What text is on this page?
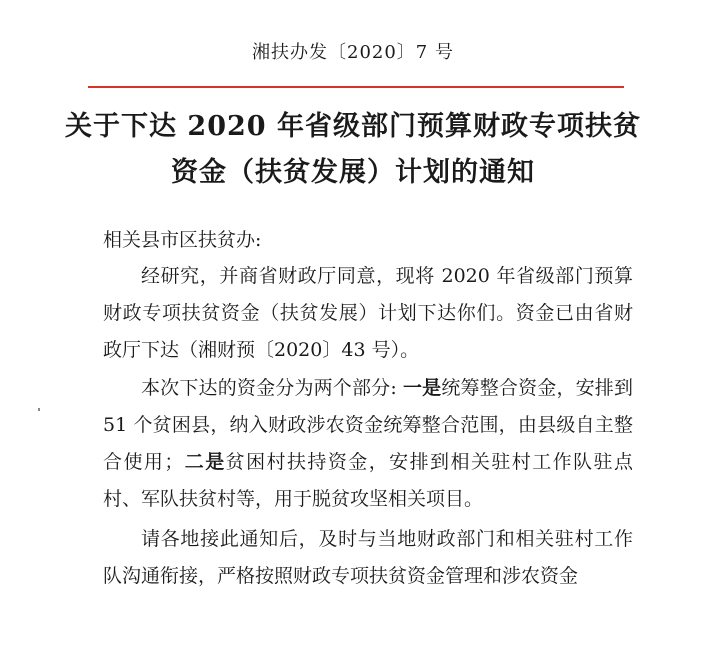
湘扶办发〔2020〕7 号
关于下达 2020 年省级部门预算财政专项扶贫
资金（扶贫发展）计划的通知
相关县市区扶贫办:
经研究，并商省财政厅同意，现将 2020 年省级部门预算财政专项扶贫资金（扶贫发展）计划下达你们。资金已由省财政厅下达（湘财预〔2020〕43 号）。
本次下达的资金分为两个部分: 一是统筹整合资金，安排到 51 个贫困县，纳入财政涉农资金统筹整合范围，由县级自主整合使用；二是贫困村扶持资金，安排到相关驻村工作队驻点村、军队扶贫村等，用于脱贫攻坚相关项目。
请各地接此通知后，及时与当地财政部门和相关驻村工作队沟通衔接，严格按照财政专项扶贫资金管理和涉农资金
